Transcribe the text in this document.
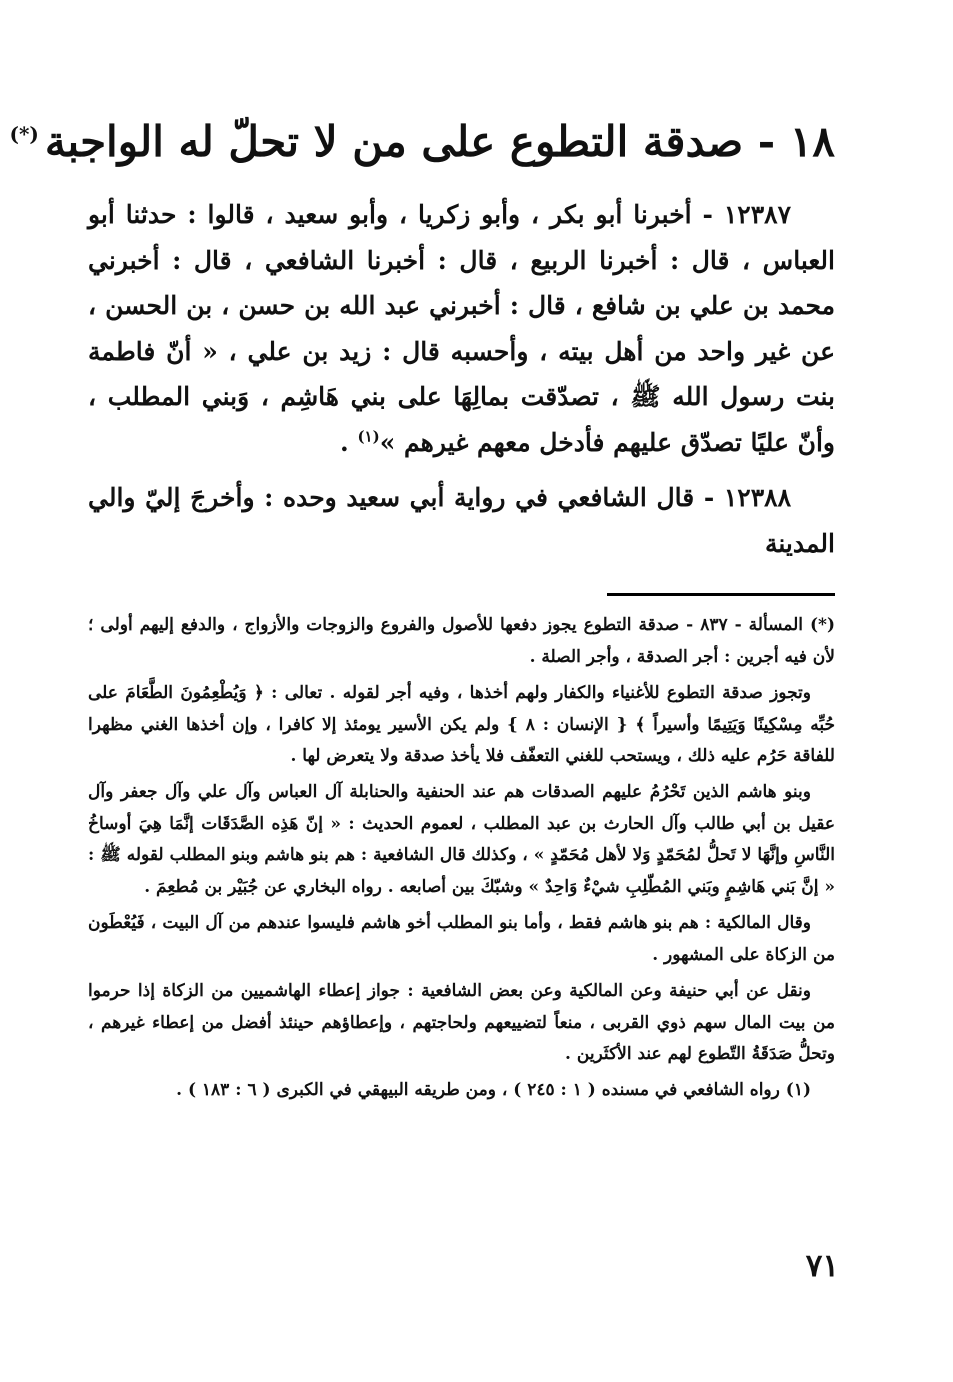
١٨ - صدقة التطوع على من لا تحلّ له الواجبة(*)

١٢٣٨٧ - أخبرنا أبو بكر ، وأبو زكريا ، وأبو سعيد ، قالوا : حدثنا أبو العباس ، قال : أخبرنا الربيع ، قال : أخبرنا الشافعي ، قال : أخبرني محمد بن علي بن شافع ، قال : أخبرني عبد الله بن حسن ، بن الحسن ، عن غير واحد من أهل بيته ، وأحسبه قال : زيد بن علي ، « أنّ فاطمة بنت رسول الله ﷺ ، تصدّقت بمالِهَا على بني هَاشِم ، وَبني المطلب ، وأنّ عليًا تصدّق عليهم فأدخل معهم غيرهم »$^{(١)}$ .

١٢٣٨٨ - قال الشافعي في رواية أبي سعيد وحده : وأخرجَ إليّ والي المدينة

(*) المسألة - ٨٣٧ - صدقة التطوع يجوز دفعها للأصول والفروع والزوجات والأزواج ، والدفع إليهم أولى ؛ لأن فيه أجرين : أجر الصدقة ، وأجر الصلة .

وتجوز صدقة التطوع للأغنياء والكفار ولهم أخذها ، وفيه أجر لقوله . تعالى : ﴿ وَيُطْعِمُونَ الطَّعَامَ على حُبِّه مِسْكِينًا وَيَتِيمًا وأسيراً ﴾ { الإنسان : ٨ } ولم يكن الأسير يومئذ إلا كافرا ، وإن أخذها الغني مظهرا للفاقة حَرُم عليه ذلك ، ويستحب للغني التعفّف فلا يأخذ صدقة ولا يتعرض لها .

وبنو هاشم الذين تَحْرُمُ عليهم الصدقات هم عند الحنفية والحنابلة آل العباس وآل علي وآل جعفر وآل عقيل بن أبي طالب وآل الحارث بن عبد المطلب ، لعموم الحديث : « إنّ هَذِه الصَّدَقَات إنَّمَا هِيَ أوساخُ النَّاسِ وإنَّهَا لا تَحلُّ لمُحَمّدٍ وَلا لأهل مُحَمّدٍ » ، وكذلك قال الشافعية : هم بنو هاشم وبنو المطلب لقوله ﷺ : « إنَّ بَني هَاشِمٍ وبَني المُطّلِبِ شيْءٌ وَاحِدٌ » وشبّكَ بين أصابعه . رواه البخاري عن جُبَيْر بن مُطعِمَ .

وقال المالكية : هم بنو هاشم فقط ، وأما بنو المطلب أخو هاشم فليسوا عندهم من آل البيت ، فَيُعْطَون من الزكاة على المشهور .

ونقل عن أبي حنيفة وعن المالكية وعن بعض الشافعية : جواز إعطاء الهاشميين من الزكاة إذا حرموا من بيت المال سهم ذوي القربى ، منعاً لتضييعهم ولحاجتهم ، وإعطاؤهم حينئذ أفضل من إعطاء غيرهم ، وتحلُّ صَدَقَةُ التّطوع لهم عند الأكثَرين .

(١) رواه الشافعي في مسنده ( ١ : ٢٤٥ ) ، ومن طريقه البيهقي في الكبرى ( ٦ : ١٨٣ ) .

٧١
